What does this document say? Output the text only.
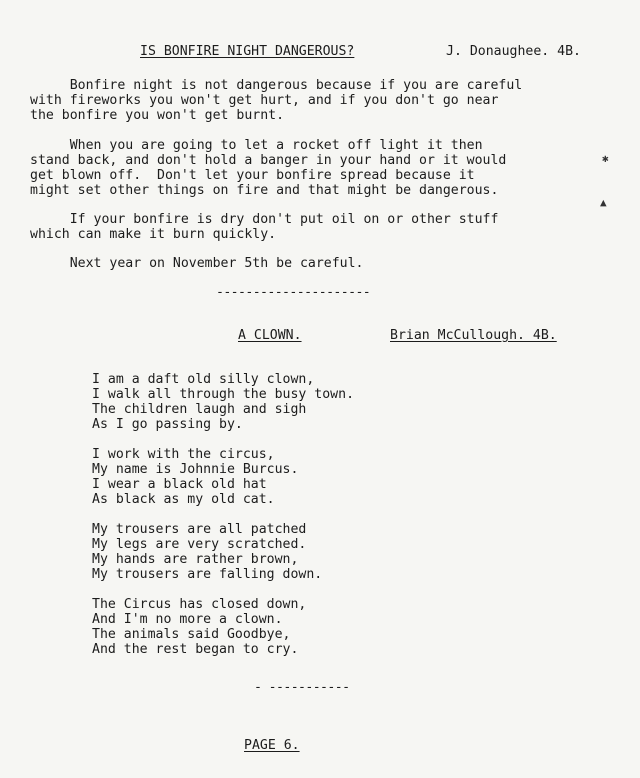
IS BONFIRE NIGHT DANGEROUS?	J. Donaughee. 4B.
Bonfire night is not dangerous because if you are careful
with fireworks you won't get hurt, and if you don't go near
the bonfire you won't get burnt.
When you are going to let a rocket off light it then
stand back, and don't hold a banger in your hand or it would
get blown off.  Don't let your bonfire spread because it
might set other things on fire and that might be dangerous.
If your bonfire is dry don't put oil on or other stuff
which can make it burn quickly.
Next year on November 5th be careful.
✱
▲
---------------------
A CLOWN.	Brian McCullough. 4B.
I am a daft old silly clown,
I walk all through the busy town.
The children laugh and sigh
As I go passing by.
I work with the circus,
My name is Johnnie Burcus.
I wear a black old hat
As black as my old cat.
My trousers are all patched
My legs are very scratched.
My hands are rather brown,
My trousers are falling down.
The Circus has closed down,
And I'm no more a clown.
The animals said Goodbye,
And the rest began to cry.
- -----------
PAGE 6.
